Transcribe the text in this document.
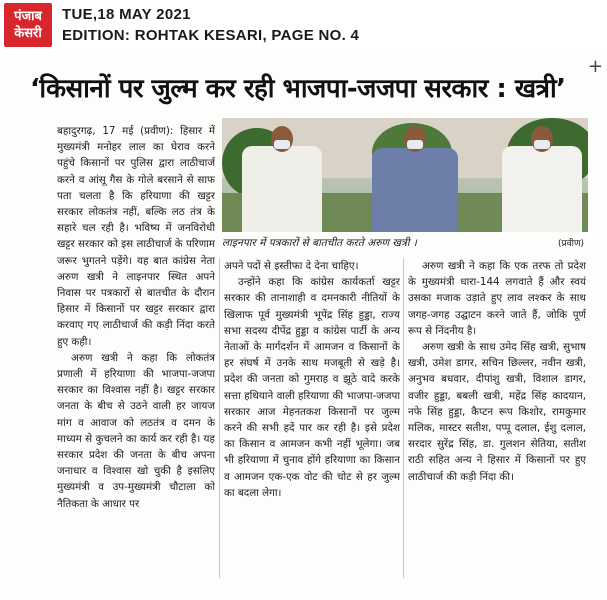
पंजाब
केसरी
TUE,18 MAY 2021
EDITION: ROHTAK KESARI, PAGE NO. 4
+
‘किसानों पर जुल्म कर रही भाजपा-जजपा सरकार : खत्री’

बहादुरगढ़, 17 मई (प्रवीण): हिसार में मुख्यमंत्री मनोहर लाल का घेराव करने पहुंचे किसानों पर पुलिस द्वारा लाठीचार्ज करने व आंसू गैस के गोले बरसाने से साफ पता चलता है कि हरियाणा की खट्टर सरकार लोकतंत्र नहीं, बल्कि लठ तंत्र के सहारे चल रही है। भविष्य में जनविरोधी खट्टर सरकार को इस लाठीचार्ज के परिणाम जरूर भुगतने पड़ेंगे। यह बात कांग्रेस नेता अरुण खत्री ने लाइनपार स्थित अपने निवास पर पत्रकारों से बातचीत के दौरान हिसार में किसानों पर खट्टर सरकार द्वारा करवाए गए लाठीचार्ज की कड़ी निंदा करते हुए कही।

अरुण खत्री ने कहा कि लोकतंत्र प्रणाली में हरियाणा की भाजपा-जजपा सरकार का विश्वास नहीं है। खट्टर सरकार जनता के बीच से उठने वाली हर जायज मांग व आवाज को लठतंत्र व दमन के माध्यम से कुचलने का कार्य कर रही है। यह सरकार प्रदेश की जनता के बीच अपना जनाधार व विश्वास खो चुकी है इसलिए मुख्यमंत्री व उप-मुख्यमंत्री चौटाला को नैतिकता के आधार पर

लाइनपार में पत्रकारों से बातचीत करते अरुण खत्री ।	(प्रवीण)

अपने पदों से इस्तीफा दे देना चाहिए।

उन्होंने कहा कि कांग्रेस कार्यकर्ता खट्टर सरकार की तानाशाही व दमनकारी नीतियों के खिलाफ पूर्व मुख्यमंत्री भूपेंद्र सिंह हुड्डा, राज्य सभा सदस्य दीपेंद्र हुड्डा व कांग्रेस पार्टी के अन्य नेताओं के मार्गदर्शन में आमजन व किसानों के हर संघर्ष में उनके साथ मजबूती से खड़े है। प्रदेश की जनता को गुमराह व झूठे वादे करके सत्ता हथियाने वाली हरियाणा की भाजपा-जजपा सरकार आज मेहनतकश किसानों पर जुल्म करने की सभी हदें पार कर रही है। इसे प्रदेश का किसान व आमजन कभी नहीं भूलेगा। जब भी हरियाणा में चुनाव होंगे हरियाणा का किसान व आमजन एक-एक वोट की चोट से हर जुल्म का बदला लेगा।

अरुण खत्री ने कहा कि एक तरफ तो प्रदेश के मुख्यमंत्री धारा-144 लगवाते हैं और स्वयं उसका मजाक उड़ाते हुए लाव लश्कर के साथ जगह-जगह उद्घाटन करने जाते हैं, जोकि पूर्ण रूप से निंदनीय है।

अरुण खत्री के साथ उमेद सिंह खत्री, सुभाष खत्री, उमेश डागर, सचिन छिल्लर, नवीन खत्री, अनुभव बधवार, दीपांशु खत्री, विशाल डागर, वजीर हुड्डा, बबली खत्री, महेंद्र सिंह कादयान, नफे सिंह हुड्डा, कैप्टन रूप किशोर, रामकुमार मलिक, मास्टर सतीश, पप्पू दलाल, ईशु दलाल, सरदार सुरेंद्र सिंह, डा. गुलशन सेतिया, सतीश राठी सहित अन्य ने हिसार में किसानों पर हुए लाठीचार्ज की कड़ी निंदा की।
